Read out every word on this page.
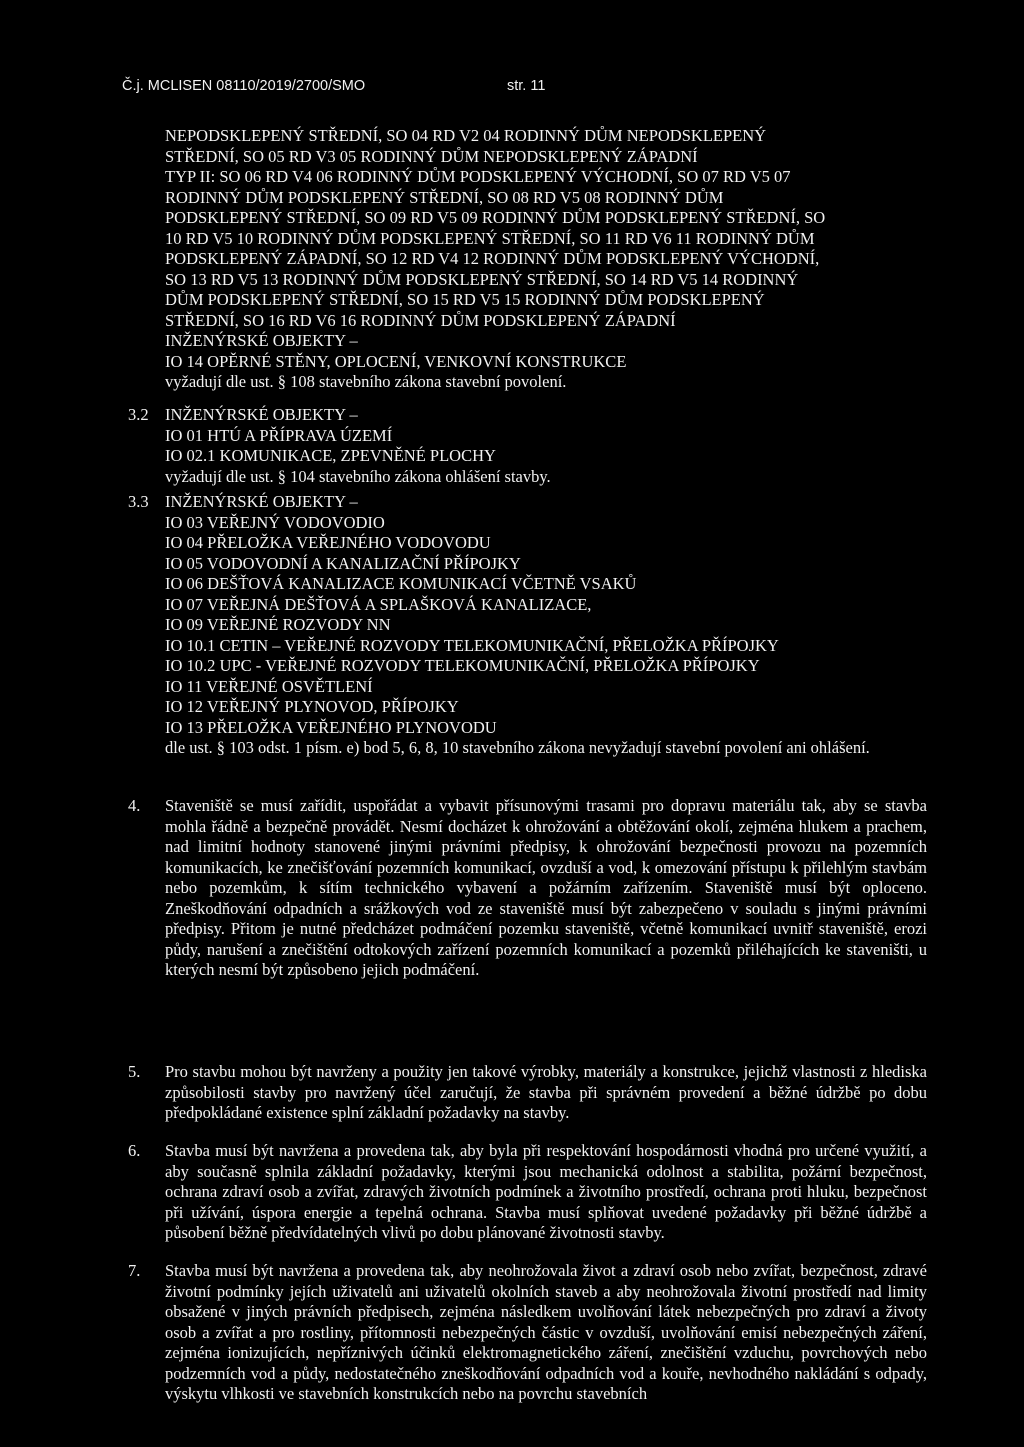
Č.j. MCLISEN 08110/2019/2700/SMO	str. 11
NEPODSKLEPENÝ STŘEDNÍ, SO 04 RD V2 04 RODINNÝ DŮM NEPODSKLEPENÝ
STŘEDNÍ, SO 05 RD V3 05 RODINNÝ DŮM NEPODSKLEPENÝ ZÁPADNÍ
TYP II: SO 06 RD V4 06 RODINNÝ DŮM PODSKLEPENÝ VÝCHODNÍ, SO 07 RD V5 07
RODINNÝ DŮM PODSKLEPENÝ STŘEDNÍ, SO 08 RD V5 08 RODINNÝ DŮM
PODSKLEPENÝ STŘEDNÍ, SO 09 RD V5 09 RODINNÝ DŮM PODSKLEPENÝ STŘEDNÍ, SO
10 RD V5 10 RODINNÝ DŮM PODSKLEPENÝ STŘEDNÍ, SO 11 RD V6 11 RODINNÝ DŮM
PODSKLEPENÝ ZÁPADNÍ, SO 12 RD V4 12 RODINNÝ DŮM PODSKLEPENÝ VÝCHODNÍ,
SO 13 RD V5 13 RODINNÝ DŮM PODSKLEPENÝ STŘEDNÍ, SO 14 RD V5 14 RODINNÝ
DŮM PODSKLEPENÝ STŘEDNÍ, SO 15 RD V5 15 RODINNÝ DŮM PODSKLEPENÝ
STŘEDNÍ, SO 16 RD V6 16 RODINNÝ DŮM PODSKLEPENÝ ZÁPADNÍ
INŽENÝRSKÉ OBJEKTY –
IO 14 OPĚRNÉ STĚNY, OPLOCENÍ, VENKOVNÍ KONSTRUKCE
vyžadují dle ust. § 108 stavebního zákona stavební povolení.
3.2 INŽENÝRSKÉ OBJEKTY –
IO 01 HTÚ A PŘÍPRAVA ÚZEMÍ
IO 02.1 KOMUNIKACE, ZPEVNĚNÉ PLOCHY
vyžadují dle ust. § 104 stavebního zákona ohlášení stavby.
3.3 INŽENÝRSKÉ OBJEKTY –
IO 03 VEŘEJNÝ VODOVODIO
IO 04 PŘELOŽKA VEŘEJNÉHO VODOVODU
IO 05 VODOVODNÍ A KANALIZAČNÍ PŘÍPOJKY
IO 06 DEŠŤOVÁ KANALIZACE KOMUNIKACÍ VČETNĚ VSAKŮ
IO 07 VEŘEJNÁ DEŠŤOVÁ A SPLAŠKOVÁ KANALIZACE,
IO 09 VEŘEJNÉ ROZVODY NN
IO 10.1 CETIN – VEŘEJNÉ ROZVODY TELEKOMUNIKAČNÍ, PŘELOŽKA PŘÍPOJKY
IO 10.2 UPC - VEŘEJNÉ ROZVODY TELEKOMUNIKAČNÍ, PŘELOŽKA PŘÍPOJKY
IO 11 VEŘEJNÉ OSVĚTLENÍ
IO 12 VEŘEJNÝ PLYNOVOD, PŘÍPOJKY
IO 13 PŘELOŽKA VEŘEJNÉHO PLYNOVODU
dle ust. § 103 odst. 1 písm. e) bod 5, 6, 8, 10 stavebního zákona nevyžadují stavební povolení ani ohlášení.
4. Staveniště se musí zařídit, uspořádat a vybavit přísunovými trasami pro dopravu materiálu tak, aby se stavba mohla řádně a bezpečně provádět. Nesmí docházet k ohrožování a obtěžování okolí, zejména hlukem a prachem, nad limitní hodnoty stanovené jinými právními předpisy, k ohrožování bezpečnosti provozu na pozemních komunikacích, ke znečišťování pozemních komunikací, ovzduší a vod, k omezování přístupu k přilehlým stavbám nebo pozemkům, k sítím technického vybavení a požárním zařízením. Staveniště musí být oploceno. Zneškodňování odpadních a srážkových vod ze staveniště musí být zabezpečeno v souladu s jinými právními předpisy. Přitom je nutné předcházet podmáčení pozemku staveniště, včetně komunikací uvnitř staveniště, erozi půdy, narušení a znečištění odtokových zařízení pozemních komunikací a pozemků přiléhajících ke staveništi, u kterých nesmí být způsobeno jejich podmáčení.
5. Pro stavbu mohou být navrženy a použity jen takové výrobky, materiály a konstrukce, jejichž vlastnosti z hlediska způsobilosti stavby pro navržený účel zaručují, že stavba při správném provedení a běžné údržbě po dobu předpokládané existence splní základní požadavky na stavby.
6. Stavba musí být navržena a provedena tak, aby byla při respektování hospodárnosti vhodná pro určené využití, a aby současně splnila základní požadavky, kterými jsou mechanická odolnost a stabilita, požární bezpečnost, ochrana zdraví osob a zvířat, zdravých životních podmínek a životního prostředí, ochrana proti hluku, bezpečnost při užívání, úspora energie a tepelná ochrana. Stavba musí splňovat uvedené požadavky při běžné údržbě a působení běžně předvídatelných vlivů po dobu plánované životnosti stavby.
7. Stavba musí být navržena a provedena tak, aby neohrožovala život a zdraví osob nebo zvířat, bezpečnost, zdravé životní podmínky jejích uživatelů ani uživatelů okolních staveb a aby neohrožovala životní prostředí nad limity obsažené v jiných právních předpisech, zejména následkem uvolňování látek nebezpečných pro zdraví a životy osob a zvířat a pro rostliny, přítomnosti nebezpečných částic v ovzduší, uvolňování emisí nebezpečných záření, zejména ionizujících, nepříznivých účinků elektromagnetického záření, znečištění vzduchu, povrchových nebo podzemních vod a půdy, nedostatečného zneškodňování odpadních vod a kouře, nevhodného nakládání s odpady, výskytu vlhkosti ve stavebních konstrukcích nebo na povrchu stavebních
